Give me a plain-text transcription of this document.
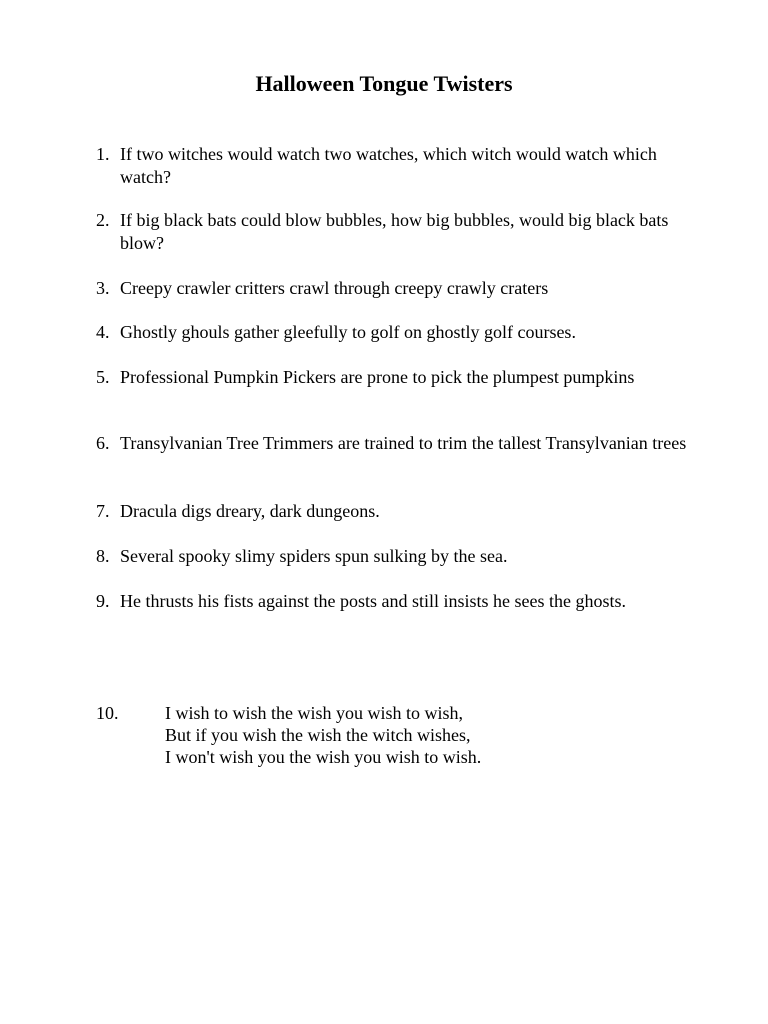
Halloween Tongue Twisters
1. If two witches would watch two watches, which witch would watch which watch?
2. If big black bats could blow bubbles, how big bubbles, would big black bats blow?
3. Creepy crawler critters crawl through creepy crawly craters
4. Ghostly ghouls gather gleefully to golf on ghostly golf courses.
5. Professional Pumpkin Pickers are prone to pick the plumpest pumpkins
6. Transylvanian Tree Trimmers are trained to trim the tallest Transylvanian trees
7. Dracula digs dreary, dark dungeons.
8. Several spooky slimy spiders spun sulking by the sea.
9. He thrusts his fists against the posts and still insists he sees the ghosts.
10.	I wish to wish the wish you wish to wish,
But if you wish the wish the witch wishes,
I won't wish you the wish you wish to wish.
